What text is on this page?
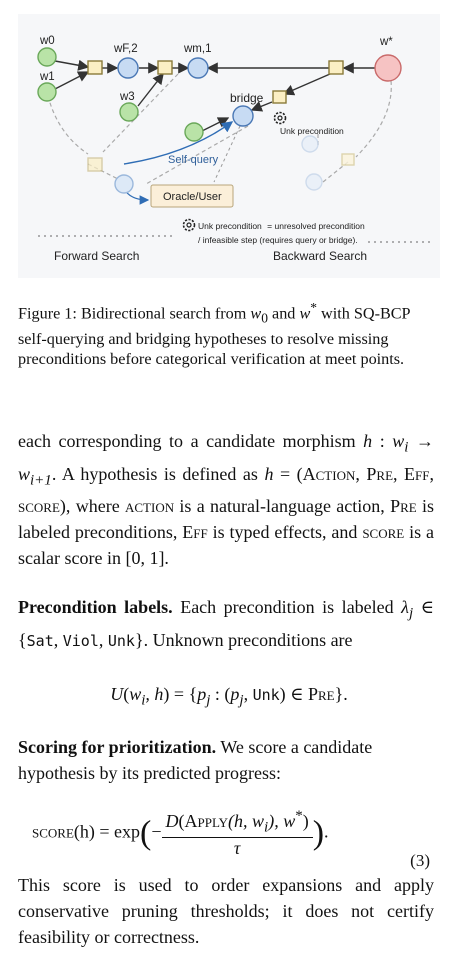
w0
w1
wF,2	wm,1
w3
w*
bridge
Unk precondition
Self-query
Oracle/User
Unk precondition = unresolved precondition
/ infeasible step (requires query or bridge).
Forward Search	Backward Search
Figure 1: Bidirectional search from $w_0$ and w* with SQ-BCP self-querying and bridging hypotheses to resolve missing preconditions before categorical verification at meet points.
each corresponding to a candidate morphism h : $w_i \to w_{i+1}$. A hypothesis is defined as h = (Action, Pre, Eff, score), where action is a natural-language action, Pre is labeled preconditions, Eff is typed effects, and score is a scalar score in [0, 1].
Precondition labels. Each precondition is labeled $\lambda_j$ ∈ {Sat, Viol, Unk}. Unknown preconditions are
$U(w_i$, $h) = \{p_j$ : ($p_j$, Unk) ∈ Pre}.
Scoring for prioritization. We score a candidate hypothesis by its predicted progress:
score(h) = $\exp(- \frac{D(Apply(h, w_i), w^*)}{\tau}$ ).
(3)
This score is used to order expansions and apply conservative pruning thresholds; it does not certify feasibility or correctness.
